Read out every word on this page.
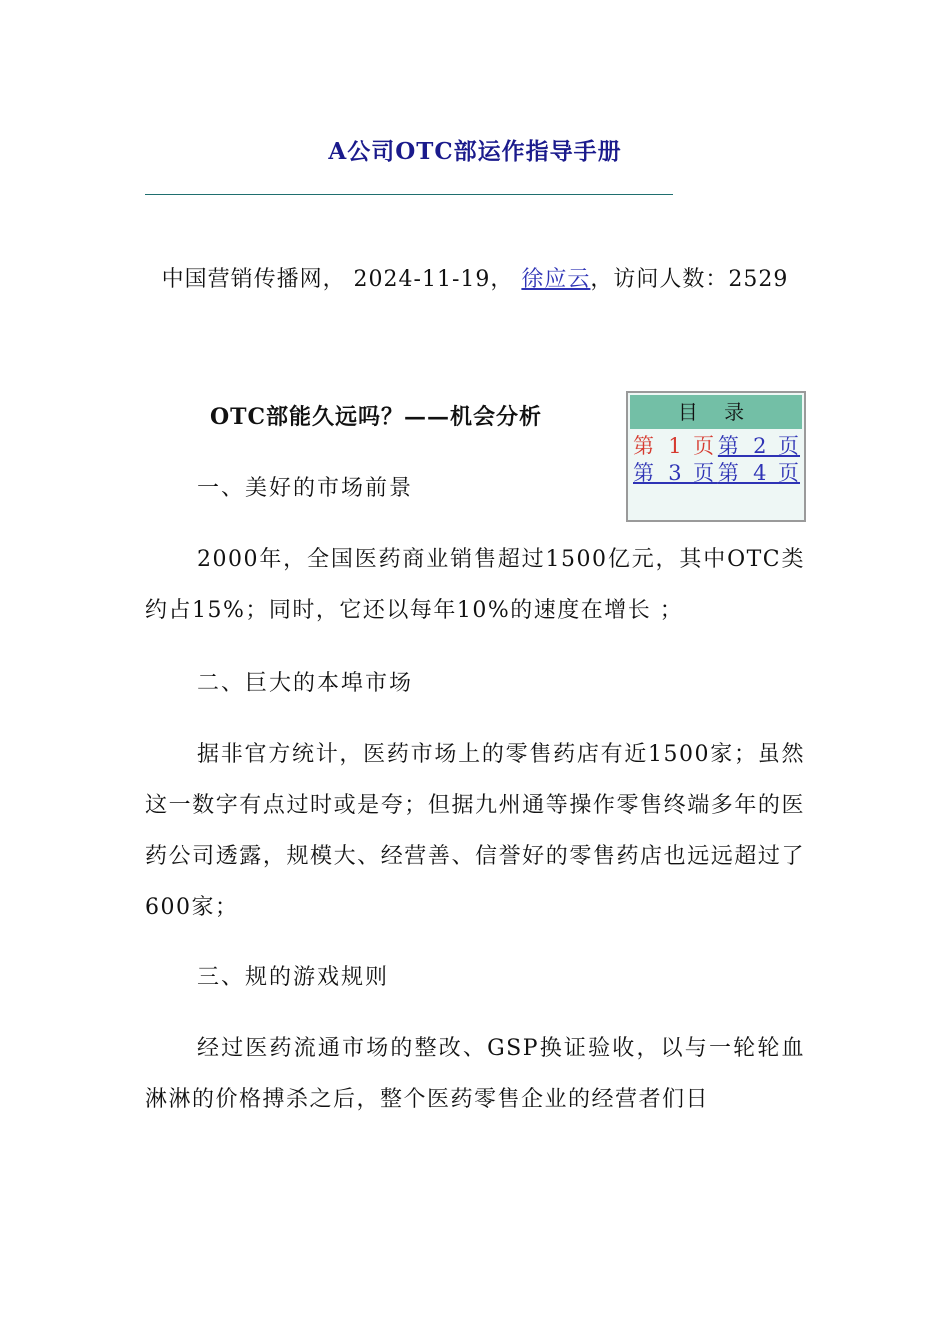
A公司OTC部运作指导手册
中国营销传播网， 2024-11-19， 徐应云，访问人数：2529
OTC部能久远吗？——机会分析	目 录
第 1 页第 2 页第 3 页第 4 页
一、美好的市场前景
2000年，全国医药商业销售超过1500亿元，其中OTC类约占15%；同时，它还以每年10%的速度在增长 ；
二、巨大的本埠市场
据非官方统计，医药市场上的零售药店有近1500家；虽然这一数字有点过时或是夸；但据九州通等操作零售终端多年的医药公司透露，规模大、经营善、信誉好的零售药店也远远超过了600家；
三、规的游戏规则
经过医药流通市场的整改、GSP换证验收，以与一轮轮血淋淋的价格搏杀之后，整个医药零售企业的经营者们日
